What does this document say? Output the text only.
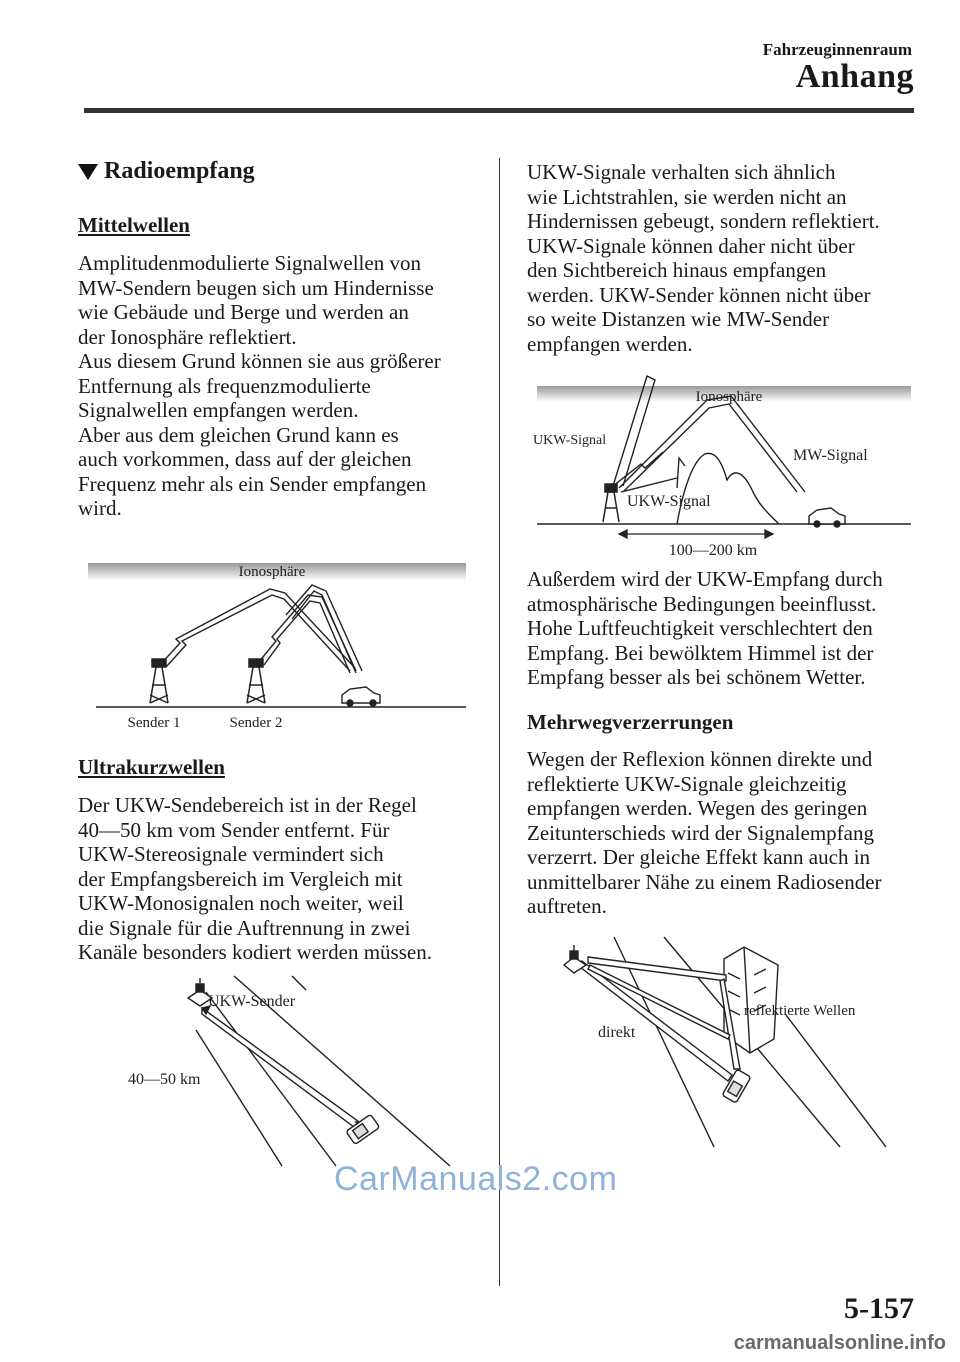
Fahrzeuginnenraum
Anhang
Radioempfang
Mittelwellen

Amplitudenmodulierte Signalwellen von

MW-Sendern beugen sich um Hindernisse

wie Gebäude und Berge und werden an

der Ionosphäre reflektiert.

Aus diesem Grund können sie aus größerer

Entfernung als frequenzmodulierte

Signalwellen empfangen werden.

Aber aus dem gleichen Grund kann es

auch vorkommen, dass auf der gleichen

Frequenz mehr als ein Sender empfangen

wird.

Ionosphäre
Sender 1	Sender 2
Ultrakurzwellen

Der UKW-Sendebereich ist in der Regel

40—50 km vom Sender entfernt. Für

UKW-Stereosignale vermindert sich

der Empfangsbereich im Vergleich mit

UKW-Monosignalen noch weiter, weil

die Signale für die Auftrennung in zwei

Kanäle besonders kodiert werden müssen.

UKW-Sender
40—50 km

UKW-Signale verhalten sich ähnlich

wie Lichtstrahlen, sie werden nicht an

Hindernissen gebeugt, sondern reflektiert.

UKW-Signale können daher nicht über

den Sichtbereich hinaus empfangen

werden. UKW-Sender können nicht über

so weite Distanzen wie MW-Sender

empfangen werden.

Ionosphäre
UKW-Signal
MW-Signal
UKW-Signal
100—200 km

Außerdem wird der UKW-Empfang durch

atmosphärische Bedingungen beeinflusst.

Hohe Luftfeuchtigkeit verschlechtert den

Empfang. Bei bewölktem Himmel ist der

Empfang besser als bei schönem Wetter.

Mehrwegverzerrungen

Wegen der Reflexion können direkte und

reflektierte UKW-Signale gleichzeitig

empfangen werden. Wegen des geringen

Zeitunterschieds wird der Signalempfang

verzerrt. Der gleiche Effekt kann auch in

unmittelbarer Nähe zu einem Radiosender

auftreten.

direkt
reflektierte Wellen
5-157
CarManuals2.com
carmanualsonline.info
